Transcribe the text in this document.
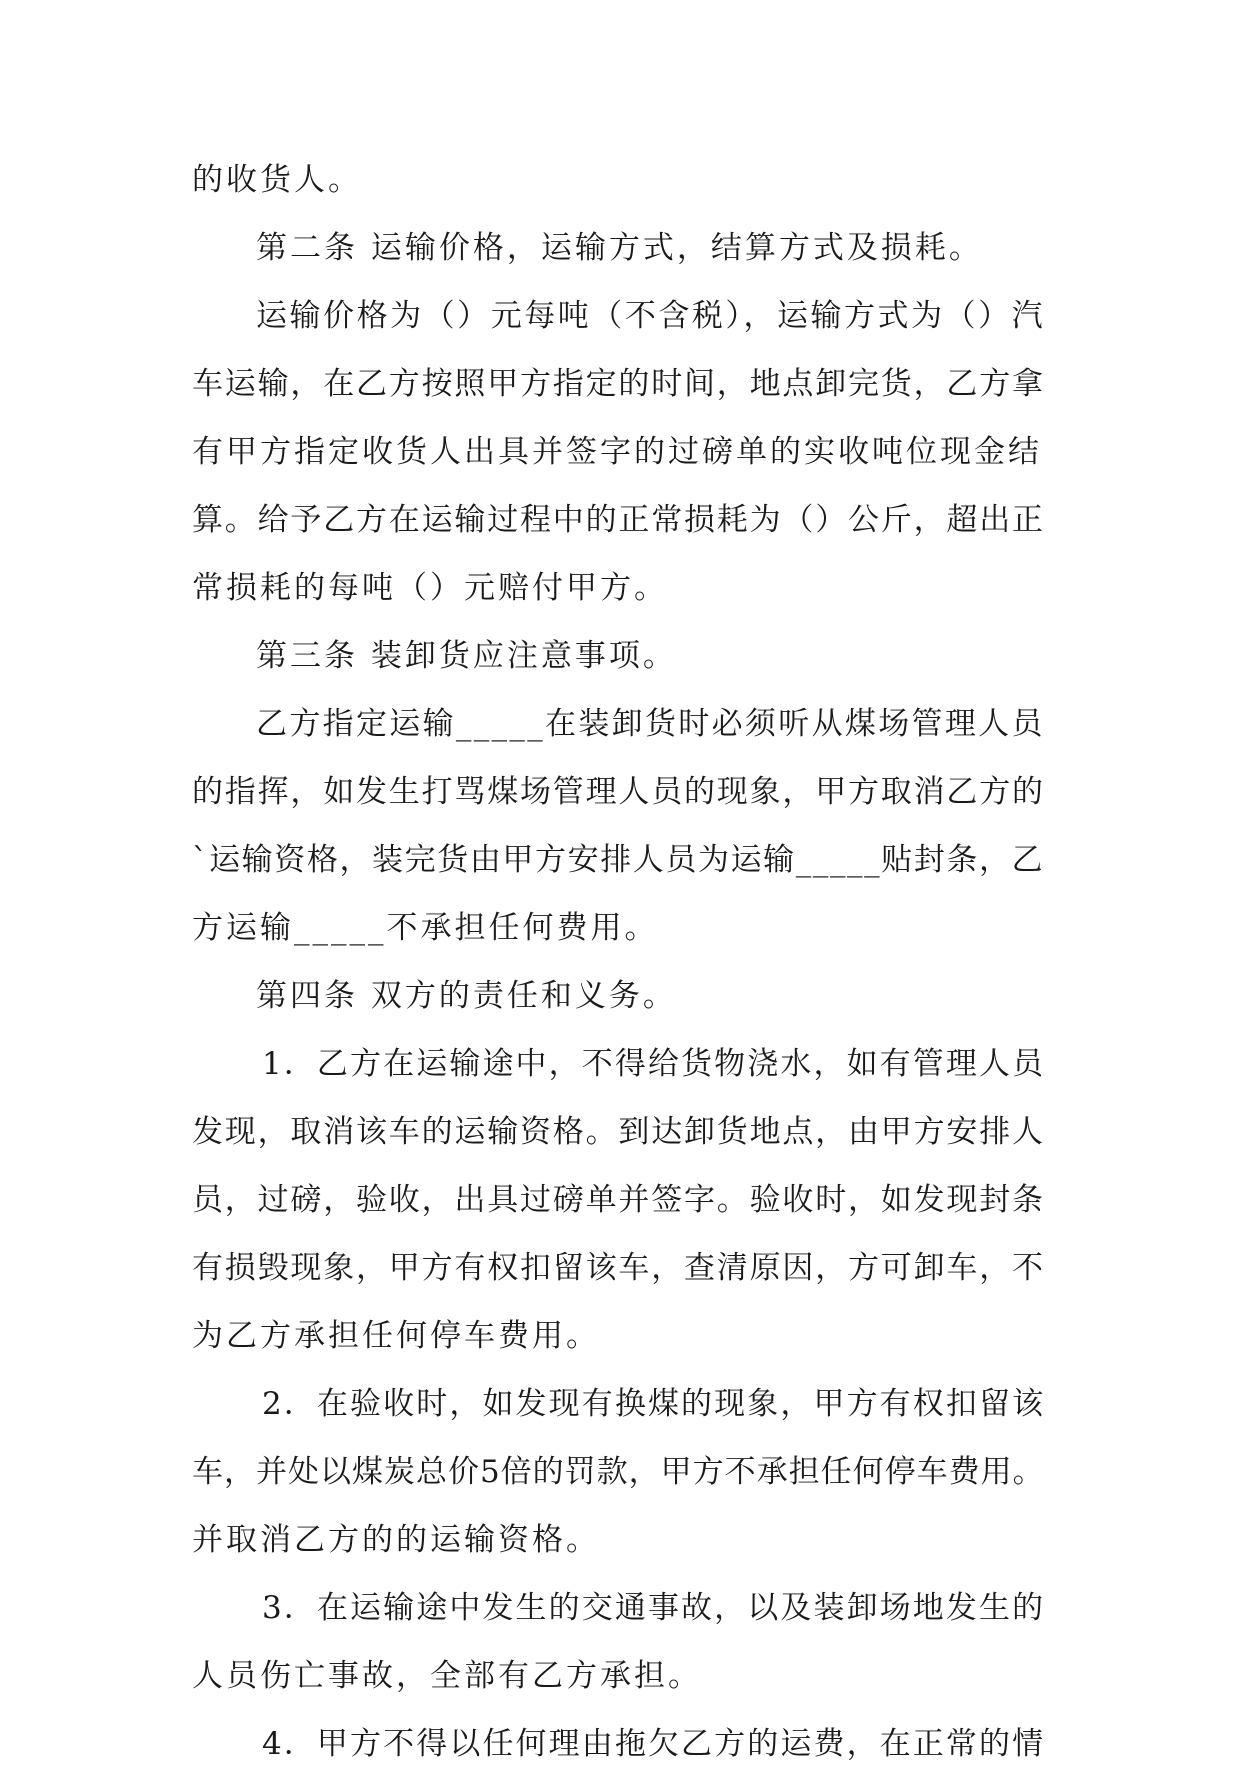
的收货人。
第二条 运输价格，运输方式，结算方式及损耗。
运输价格为（）元每吨（不含税），运输方式为（）汽
车运输，在乙方按照甲方指定的时间，地点卸完货，乙方拿
有甲方指定收货人出具并签字的过磅单的实收吨位现金结
算。给予乙方在运输过程中的正常损耗为（）公斤，超出正
常损耗的每吨（）元赔付甲方。
第三条 装卸货应注意事项。
乙方指定运输_____在装卸货时必须听从煤场管理人员
的指挥，如发生打骂煤场管理人员的现象，甲方取消乙方的
`运输资格，装完货由甲方安排人员为运输_____贴封条，乙
方运输_____不承担任何费用。
第四条 双方的责任和义务。
1．乙方在运输途中，不得给货物浇水，如有管理人员
发现，取消该车的运输资格。到达卸货地点，由甲方安排人
员，过磅，验收，出具过磅单并签字。验收时，如发现封条
有损毁现象，甲方有权扣留该车，查清原因，方可卸车，不
为乙方承担任何停车费用。
2．在验收时，如发现有换煤的现象，甲方有权扣留该
车，并处以煤炭总价5倍的罚款，甲方不承担任何停车费用。
并取消乙方的的运输资格。
3．在运输途中发生的交通事故，以及装卸场地发生的
人员伤亡事故，全部有乙方承担。
4．甲方不得以任何理由拖欠乙方的运费，在正常的情
